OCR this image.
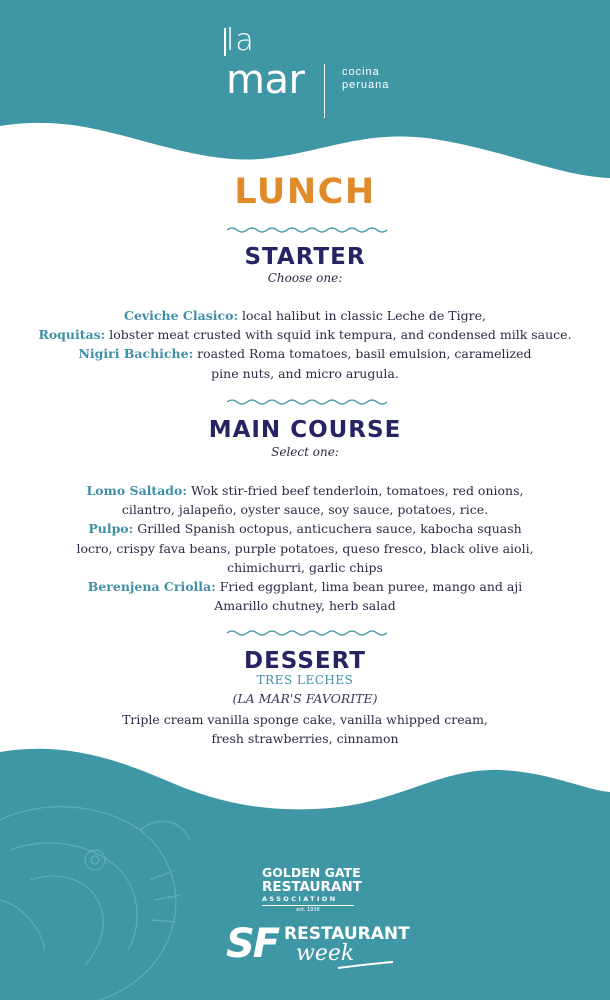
la
mar	cocina
peruana
LUNCH
STARTER
Choose one:
Ceviche Clasico: local halibut in classic Leche de Tigre,
Roquitas: lobster meat crusted with squid ink tempura, and condensed milk sauce.
Nigiri Bachiche: roasted Roma tomatoes, basil emulsion, caramelized
pine nuts, and micro arugula.
MAIN COURSE
Select one:
Lomo Saltado: Wok stir-fried beef tenderloin, tomatoes, red onions,
cilantro, jalapeño, oyster sauce, soy sauce, potatoes, rice.
Pulpo: Grilled Spanish octopus, anticuchera sauce, kabocha squash
locro, crispy fava beans, purple potatoes, queso fresco, black olive aioli,
chimichurri, garlic chips
Berenjena Criolla: Fried eggplant, lima bean puree, mango and aji
Amarillo chutney, herb salad
DESSERT
TRES LECHES
(LA MAR'S FAVORITE)
Triple cream vanilla sponge cake, vanilla whipped cream,
fresh strawberries, cinnamon
GOLDEN GATE
RESTAURANT
ASSOCIATION
est. 1936
SF RESTAURANT
week
